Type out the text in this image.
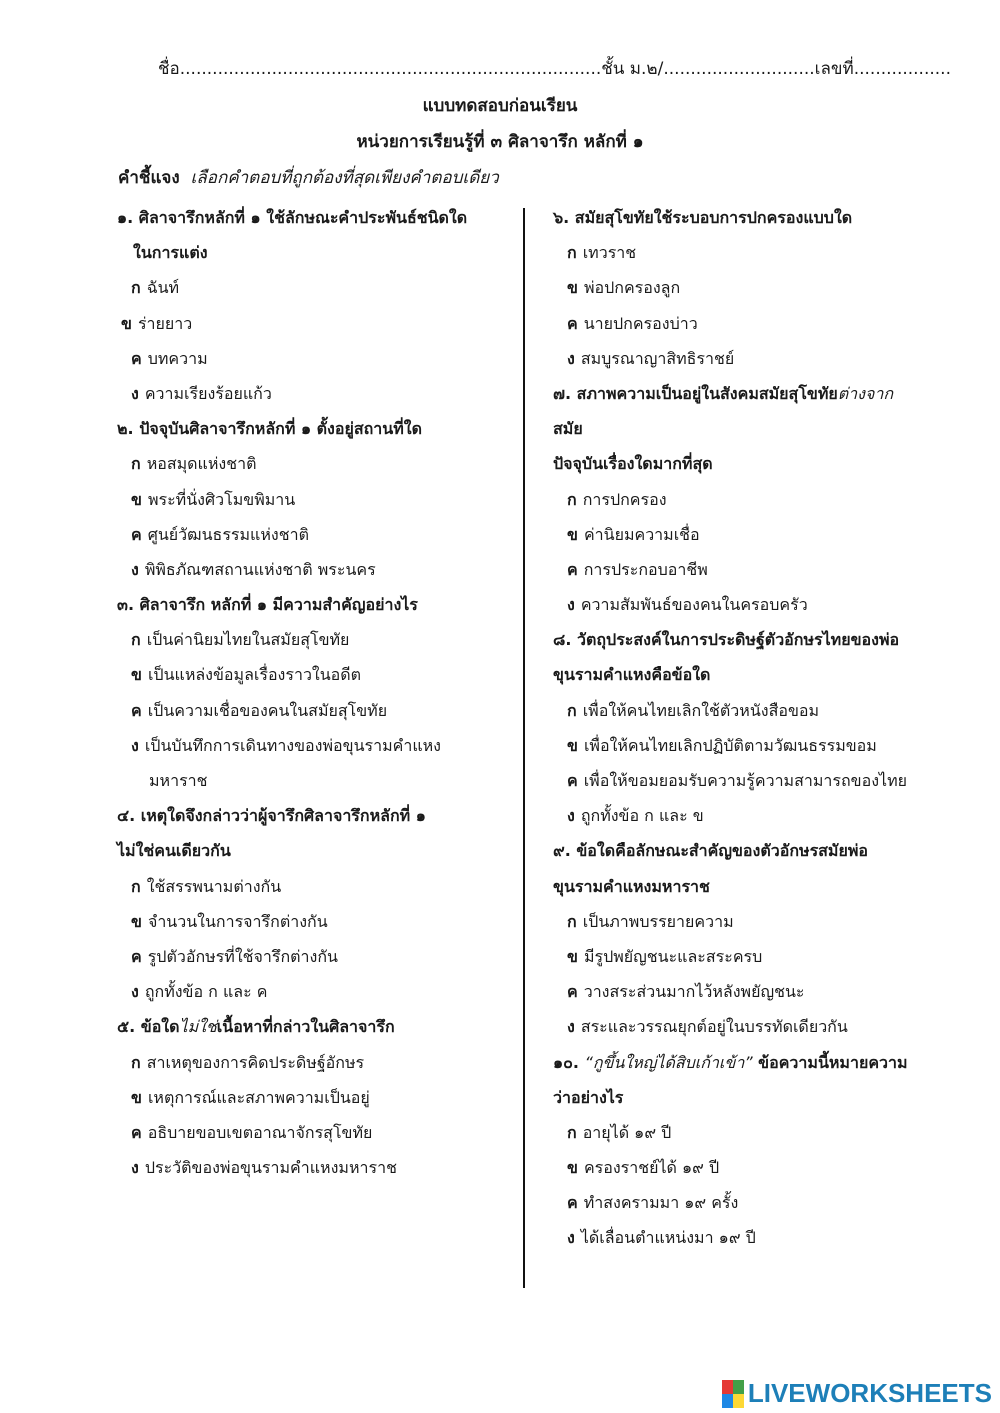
ชื่อ..............................................................................ชั้น ม.๒/............................เลขที่..................
แบบทดสอบก่อนเรียน
หน่วยการเรียนรู้ที่ ๓ ศิลาจารึก หลักที่ ๑
คำชี้แจง เลือกคำตอบที่ถูกต้องที่สุดเพียงคำตอบเดียว
๑. ศิลาจารึกหลักที่ ๑ ใช้ลักษณะคำประพันธ์ชนิดใด
ในการแต่ง
ก ฉันท์
ข ร่ายยาว
ค บทความ
ง ความเรียงร้อยแก้ว
๒. ปัจจุบันศิลาจารึกหลักที่ ๑ ตั้งอยู่สถานที่ใด
ก หอสมุดแห่งชาติ
ข พระที่นั่งศิวโมขพิมาน
ค ศูนย์วัฒนธรรมแห่งชาติ
ง พิพิธภัณฑสถานแห่งชาติ พระนคร
๓. ศิลาจารึก หลักที่ ๑ มีความสำคัญอย่างไร
ก เป็นค่านิยมไทยในสมัยสุโขทัย
ข เป็นแหล่งข้อมูลเรื่องราวในอดีต
ค เป็นความเชื่อของคนในสมัยสุโขทัย
ง เป็นบันทึกการเดินทางของพ่อขุนรามคำแหง
มหาราช
๔. เหตุใดจึงกล่าวว่าผู้จารึกศิลาจารึกหลักที่ ๑
ไม่ใช่คนเดียวกัน
ก ใช้สรรพนามต่างกัน
ข จำนวนในการจารึกต่างกัน
ค รูปตัวอักษรที่ใช้จารึกต่างกัน
ง ถูกทั้งข้อ ก และ ค
๕. ข้อใดไม่ใช่เนื้อหาที่กล่าวในศิลาจารึก
ก สาเหตุของการคิดประดิษฐ์อักษร
ข เหตุการณ์และสภาพความเป็นอยู่
ค อธิบายขอบเขตอาณาจักรสุโขทัย
ง ประวัติของพ่อขุนรามคำแหงมหาราช
๖. สมัยสุโขทัยใช้ระบอบการปกครองแบบใด
ก เทวราช
ข พ่อปกครองลูก
ค นายปกครองบ่าว
ง สมบูรณาญาสิทธิราชย์
๗. สภาพความเป็นอยู่ในสังคมสมัยสุโขทัยต่างจาก
สมัย
ปัจจุบันเรื่องใดมากที่สุด
ก การปกครอง
ข ค่านิยมความเชื่อ
ค การประกอบอาชีพ
ง ความสัมพันธ์ของคนในครอบครัว
๘. วัตถุประสงค์ในการประดิษฐ์ตัวอักษรไทยของพ่อ
ขุนรามคำแหงคือข้อใด
ก เพื่อให้คนไทยเลิกใช้ตัวหนังสือขอม
ข เพื่อให้คนไทยเลิกปฏิบัติตามวัฒนธรรมขอม
ค เพื่อให้ขอมยอมรับความรู้ความสามารถของไทย
ง ถูกทั้งข้อ ก และ ข
๙. ข้อใดคือลักษณะสำคัญของตัวอักษรสมัยพ่อ
ขุนรามคำแหงมหาราช
ก เป็นภาพบรรยายความ
ข มีรูปพยัญชนะและสระครบ
ค วางสระส่วนมากไว้หลังพยัญชนะ
ง สระและวรรณยุกต์อยู่ในบรรทัดเดียวกัน
๑๐. “กูขึ้นใหญ่ได้สิบเก้าเข้า” ข้อความนี้หมายความ
ว่าอย่างไร
ก อายุได้ ๑๙ ปี
ข ครองราชย์ได้ ๑๙ ปี
ค ทำสงครามมา ๑๙ ครั้ง
ง ได้เลื่อนตำแหน่งมา ๑๙ ปี
LIVEWORKSHEETS
